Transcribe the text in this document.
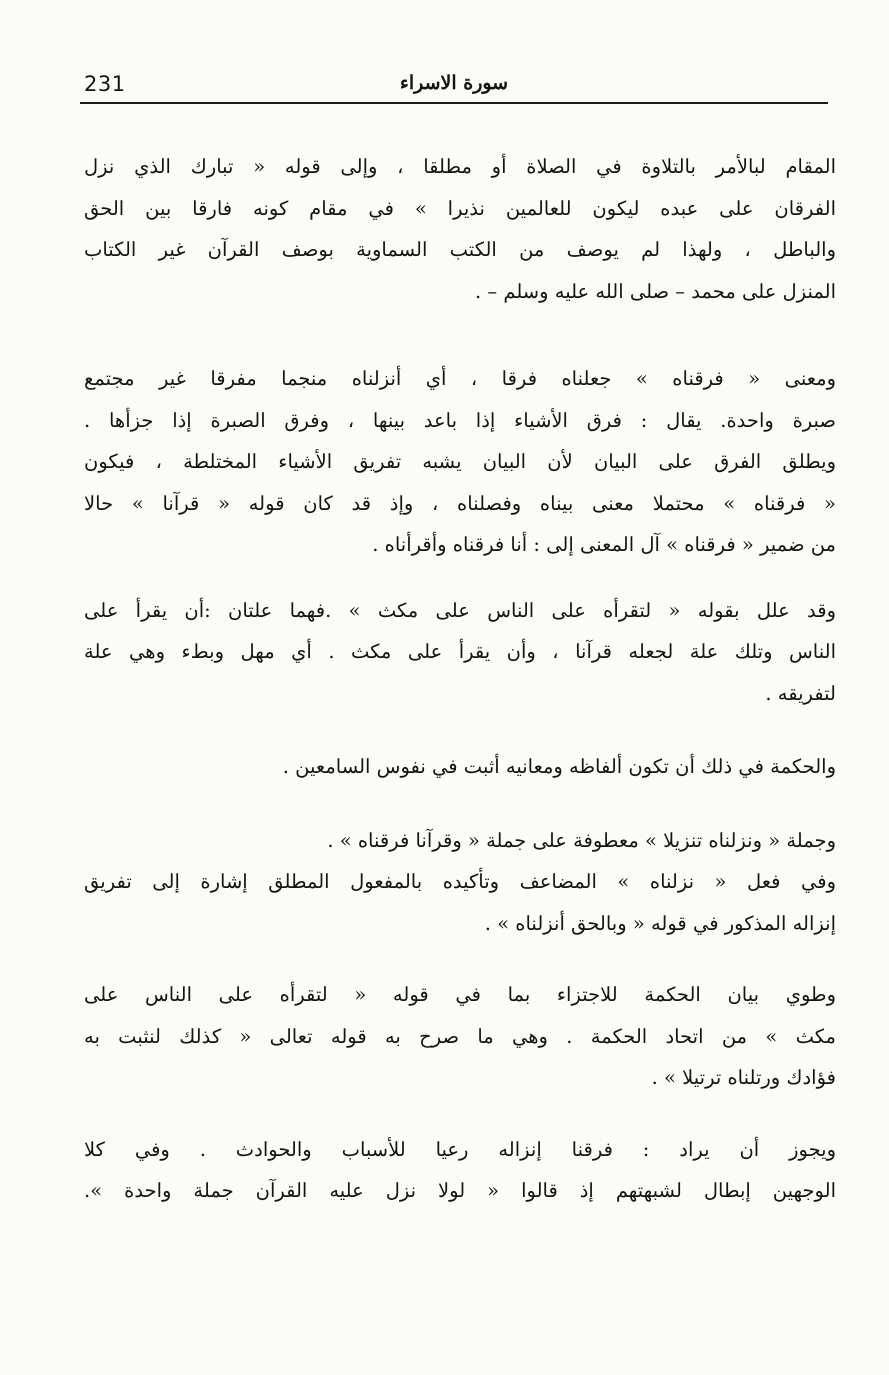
231	سورة الاسراء

المقام لبالأمر بالتلاوة في الصلاة أو مطلقا ، وإلى قوله « تبارك الذي نزل
الفرقان على عبده ليكون للعالمين نذيرا » في مقام كونه فارقا بين الحق
والباطل ، ولهذا لم يوصف من الكتب السماوية بوصف القرآن غير الكتاب
المنزل على محمد – صلى الله عليه وسلم – .

ومعنى « فرقناه » جعلناه فرقا ، أي أنزلناه منجما مفرقا غير مجتمع
صبرة واحدة. يقال : فرق الأشياء إذا باعد بينها ، وفرق الصبرة إذا جزأها .
ويطلق الفرق على البيان لأن البيان يشبه تفريق الأشياء المختلطة ، فيكون
« فرقناه » محتملا معنى بيناه وفصلناه ، وإذ قد كان قوله « قرآنا » حالا
من ضمير « فرقناه » آل المعنى إلى : أنا فرقناه وأقرأناه .

وقد علل بقوله « لتقرأه على الناس على مكث » .فهما علتان :أن يقرأ على
الناس وتلك علة لجعله قرآنا ، وأن يقرأ على مكث . أي مهل وبطء وهي علة
لتفريقه .

والحكمة في ذلك أن تكون ألفاظه ومعانيه أثبت في نفوس السامعين .

وجملة « ونزلناه تنزيلا » معطوفة على جملة « وقرآنا فرقناه » .
وفي فعل « نزلناه » المضاعف وتأكيده بالمفعول المطلق إشارة إلى تفريق
إنزاله المذكور في قوله « وبالحق أنزلناه » .

وطوي بيان الحكمة للاجتزاء بما في قوله « لتقرأه على الناس على
مكث » من اتحاد الحكمة . وهي ما صرح به قوله تعالى « كذلك لنثبت به
فؤادك ورتلناه ترتيلا » .

ويجوز أن يراد : فرقنا إنزاله رعيا للأسباب والحوادث . وفي كلا
الوجهين إبطال لشبهتهم إذ قالوا « لولا نزل عليه القرآن جملة واحدة ».
